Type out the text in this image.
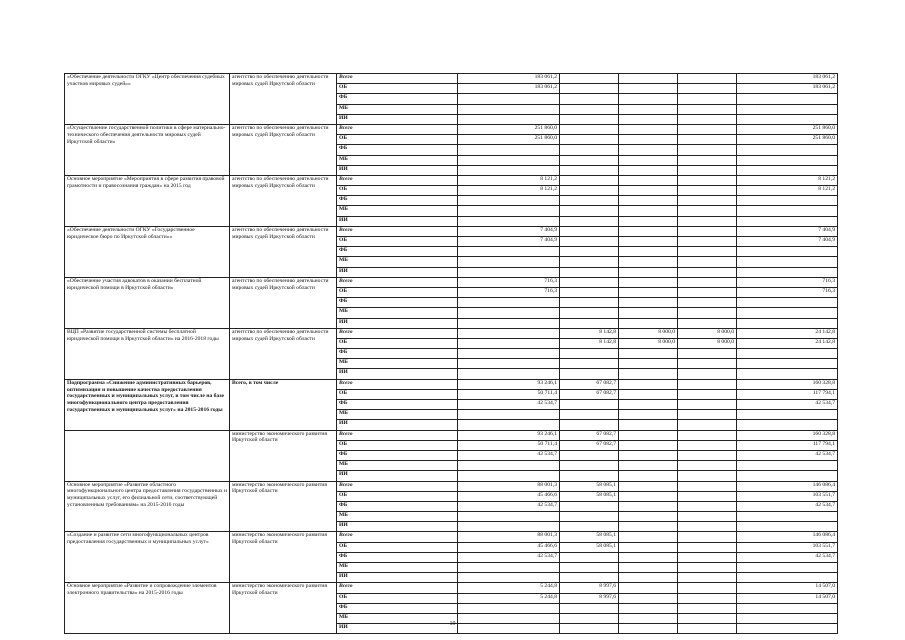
«Обеспечение деятельности ОГКУ «Центр обеспечения судебных участков мировых судей»»	агентство по обеспечению деятельности мировых судей Иркутской области	Всего	183 061,2				183 061,2
		ОБ	183 061,2				183 061,2
		ФБ					
		МБ					
		ИИ					
«Осуществление государственной политики в сфере материально-технического обеспечения деятельности мировых судей Иркутской области»	агентство по обеспечению деятельности мировых судей Иркутской области	Всего	251 860,0				251 860,0
		ОБ	251 860,0				251 860,0
		ФБ					
		МБ					
		ИИ					
Основное мероприятие «Мероприятия в сфере развития правовой грамотности и правосознания граждан» на 2015 год	агентство по обеспечению деятельности мировых судей Иркутской области	Всего	8 121,2				8 121,2
		ОБ	8 121,2				8 121,2
		ФБ					
		МБ					
		ИИ					
«Обеспечение деятельности ОГКУ «Государственное юридическое бюро по Иркутской области»»	агентство по обеспечению деятельности мировых судей Иркутской области	Всего	7 404,9				7 404,9
		ОБ	7 404,9				7 404,9
		ФБ					
		МБ					
		ИИ					
«Обеспечение участия адвокатов в оказании бесплатной юридической помощи в Иркутской области»	агентство по обеспечению деятельности мировых судей Иркутской области	Всего	716,3				716,3
		ОБ	716,3				716,3
		ФБ					
		МБ					
		ИИ					
ВЦП «Развитие государственной системы бесплатной юридической помощи в Иркутской области» на 2016-2018 годы	агентство по обеспечению деятельности мировых судей Иркутской области	Всего		8 142,8	8 000,0	8 000,0	24 142,8
		ОБ		8 142,8	8 000,0	8 000,0	24 142,8
		ФБ					
		МБ					
		ИИ					
Подпрограмма «Снижение административных барьеров, оптимизация и повышение качества предоставления государственных и муниципальных услуг, в том числе на базе многофункционального центра предоставления государственных и муниципальных услуг» на 2015-2016 годы	Всего, в том числе	Всего	93 246,1	67 082,7			160 328,8
		ОБ	50 711,4	67 082,7			117 794,1
		ФБ	42 534,7				42 534,7
		МБ					
		ИИ					
	министерство экономического развития Иркутской области	Всего	93 246,1	67 082,7			160 328,8
		ОБ	50 711,4	67 082,7			117 794,1
		ФБ	42 534,7				42 534,7
		МБ					
		ИИ					
Основное мероприятие «Развитие областного многофункционального центра предоставления государственных и муниципальных услуг, его филиальной сети, соответствующей установленным требованиям» на 2015-2016 годы	министерство экономического развития Иркутской области	Всего	88 001,3	58 085,1			146 086,4
		ОБ	45 466,6	58 085,1			103 551,7
		ФБ	42 534,7				42 534,7
		МБ					
		ИИ					
«Создание и развитие сети многофункциональных центров предоставления государственных и муниципальных услуг»	министерство экономического развития Иркутской области	Всего	88 001,3	58 085,1			146 086,4
		ОБ	45 466,6	58 085,1			103 551,7
		ФБ	42 534,7				42 534,7
		МБ					
		ИИ					
Основное мероприятие «Развитие и сопровождение элементов электронного правительства» на 2015-2016 годы	министерство экономического развития Иркутской области	Всего	5 244,8	8 997,6			14 507,0
		ОБ	5 244,8	8 997,6			14 507,0
		ФБ					
		МБ					
		ИИ					
19
